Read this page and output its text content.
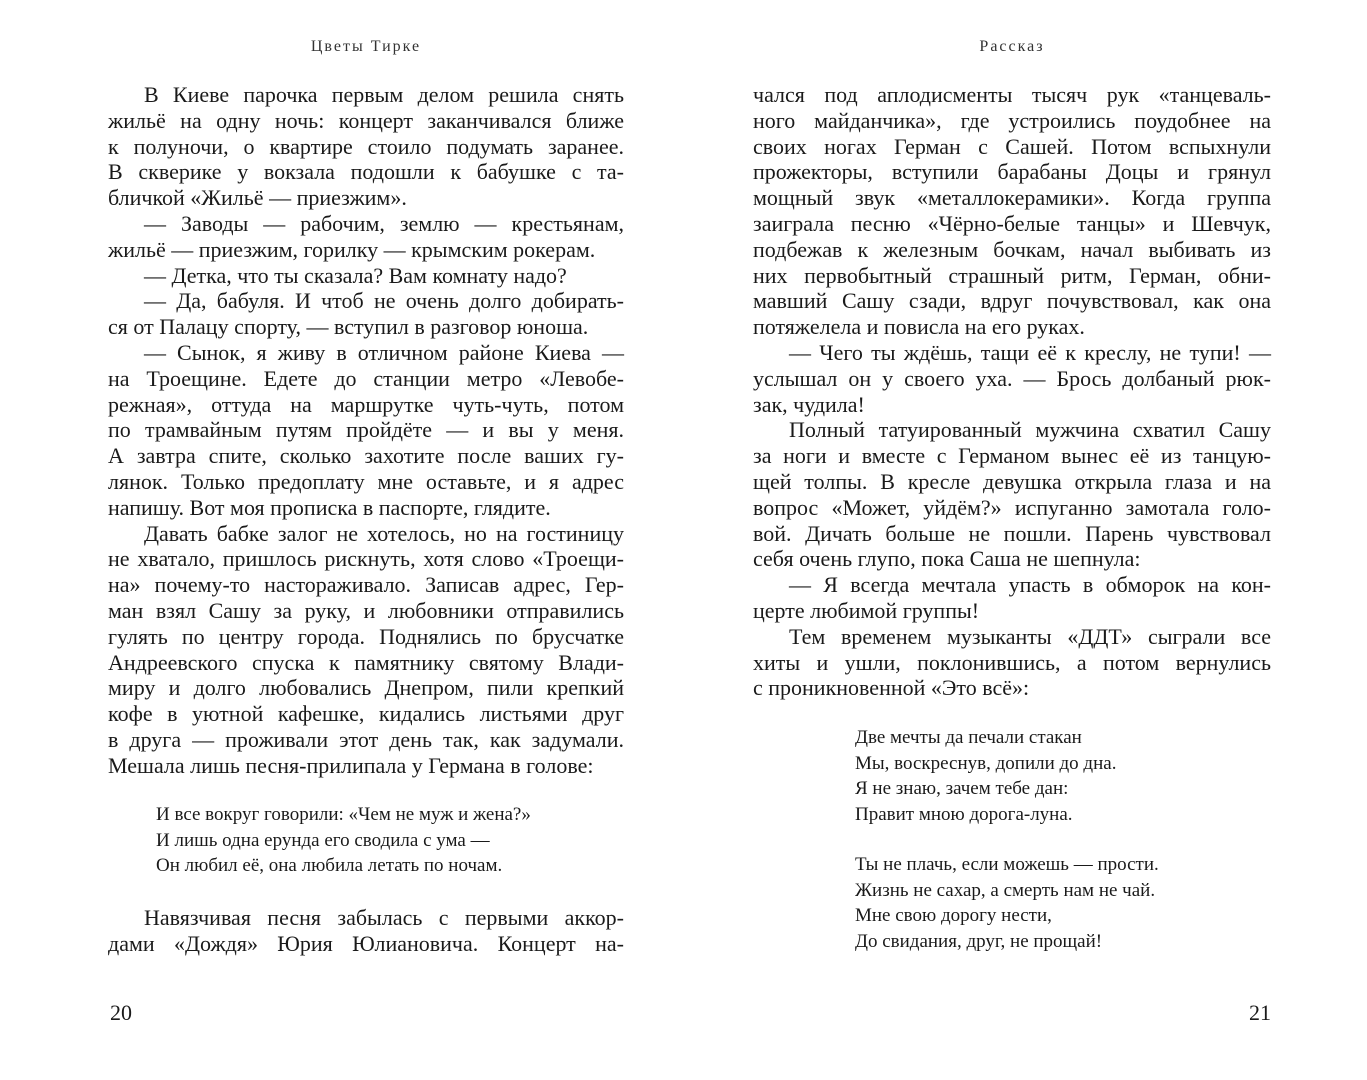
Цветы Тирке
В Киеве парочка первым делом решила снять
жильё на одну ночь: концерт заканчивался ближе
к полуночи, о квартире стоило подумать заранее.
В скверике у вокзала подошли к бабушке с та-
бличкой «Жильё — приезжим».
— Заводы — рабочим, землю — крестьянам,
жильё — приезжим, горилку — крымским рокерам.
— Детка, что ты сказала? Вам комнату надо?
— Да, бабуля. И чтоб не очень долго добирать-
ся от Палацу спорту, — вступил в разговор юноша.
— Сынок, я живу в отличном районе Киева —
на Троещине. Едете до станции метро «Левобе-
режная», оттуда на маршрутке чуть-чуть, потом
по трамвайным путям пройдёте — и вы у меня.
А завтра спите, сколько захотите после ваших гу-
лянок. Только предоплату мне оставьте, и я адрес
напишу. Вот моя прописка в паспорте, глядите.
Давать бабке залог не хотелось, но на гостиницу
не хватало, пришлось рискнуть, хотя слово «Троещи-
на» почему-то настораживало. Записав адрес, Гер-
ман взял Сашу за руку, и любовники отправились
гулять по центру города. Поднялись по брусчатке
Андреевского спуска к памятнику святому Влади-
миру и долго любовались Днепром, пили крепкий
кофе в уютной кафешке, кидались листьями друг
в друга — проживали этот день так, как задумали.
Мешала лишь песня-прилипала у Германа в голове:
И все вокруг говорили: «Чем не муж и жена?»
И лишь одна ерунда его сводила с ума —
Он любил её, она любила летать по ночам.
Навязчивая песня забылась с первыми аккор-
дами «Дождя» Юрия Юлиановича. Концерт на-
20
Рассказ
чался под аплодисменты тысяч рук «танцеваль-
ного майданчика», где устроились поудобнее на
своих ногах Герман с Сашей. Потом вспыхнули
прожекторы, вступили барабаны Доцы и грянул
мощный звук «металлокерамики». Когда группа
заиграла песню «Чёрно-белые танцы» и Шевчук,
подбежав к железным бочкам, начал выбивать из
них первобытный страшный ритм, Герман, обни-
мавший Сашу сзади, вдруг почувствовал, как она
потяжелела и повисла на его руках.
— Чего ты ждёшь, тащи её к креслу, не тупи! —
услышал он у своего уха. — Брось долбаный рюк-
зак, чудила!
Полный татуированный мужчина схватил Сашу
за ноги и вместе с Германом вынес её из танцую-
щей толпы. В кресле девушка открыла глаза и на
вопрос «Может, уйдём?» испуганно замотала голо-
вой. Дичать больше не пошли. Парень чувствовал
себя очень глупо, пока Саша не шепнула:
— Я всегда мечтала упасть в обморок на кон-
церте любимой группы!
Тем временем музыканты «ДДТ» сыграли все
хиты и ушли, поклонившись, а потом вернулись
с проникновенной «Это всё»:
Две мечты да печали стакан
Мы, воскреснув, допили до дна.
Я не знаю, зачем тебе дан:
Правит мною дорога-луна.
Ты не плачь, если можешь — прости.
Жизнь не сахар, а смерть нам не чай.
Мне свою дорогу нести,
До свидания, друг, не прощай!
21
